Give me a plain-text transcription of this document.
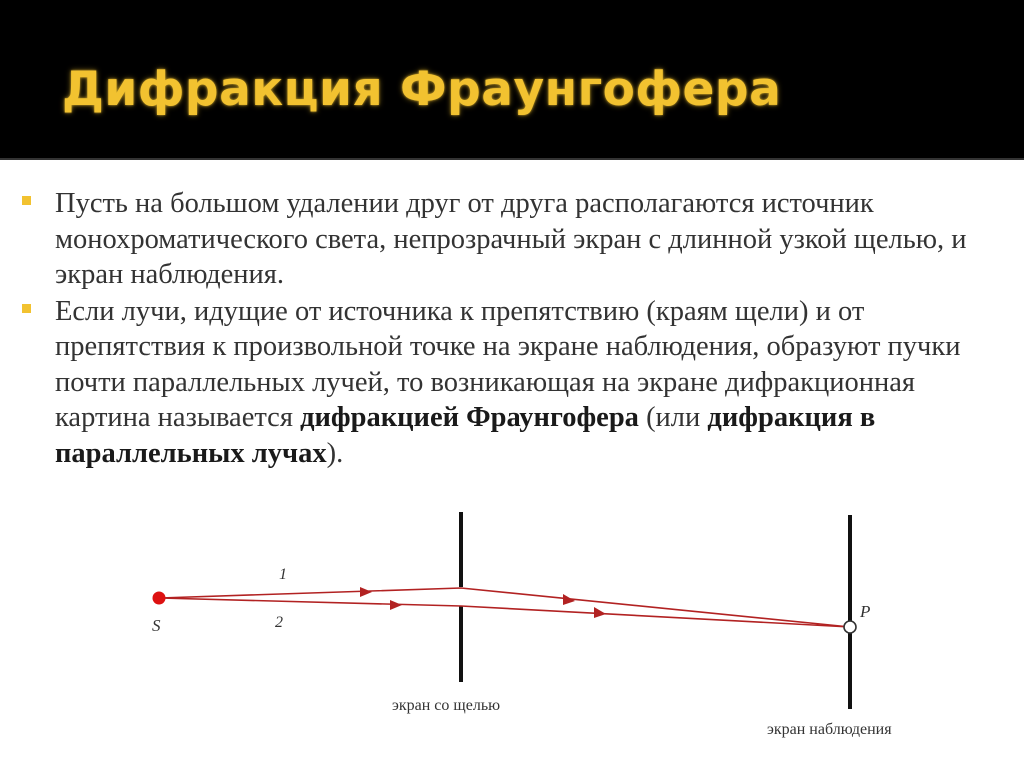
Дифракция Фраунгофера
Пусть на большом удалении друг от друга располагаются источник монохроматического света, непрозрачный экран с длинной узкой щелью, и экран наблюдения.
Если лучи, идущие от источника к препятствию (краям щели) и от препятствия к произвольной точке на экране наблюдения, образуют пучки почти параллельных лучей, то возникающая на экране дифракционная картина называется дифракцией Фраунгофера (или дифракция в параллельных лучах).
S
P
1
2
экран со щелью
экран наблюдения
